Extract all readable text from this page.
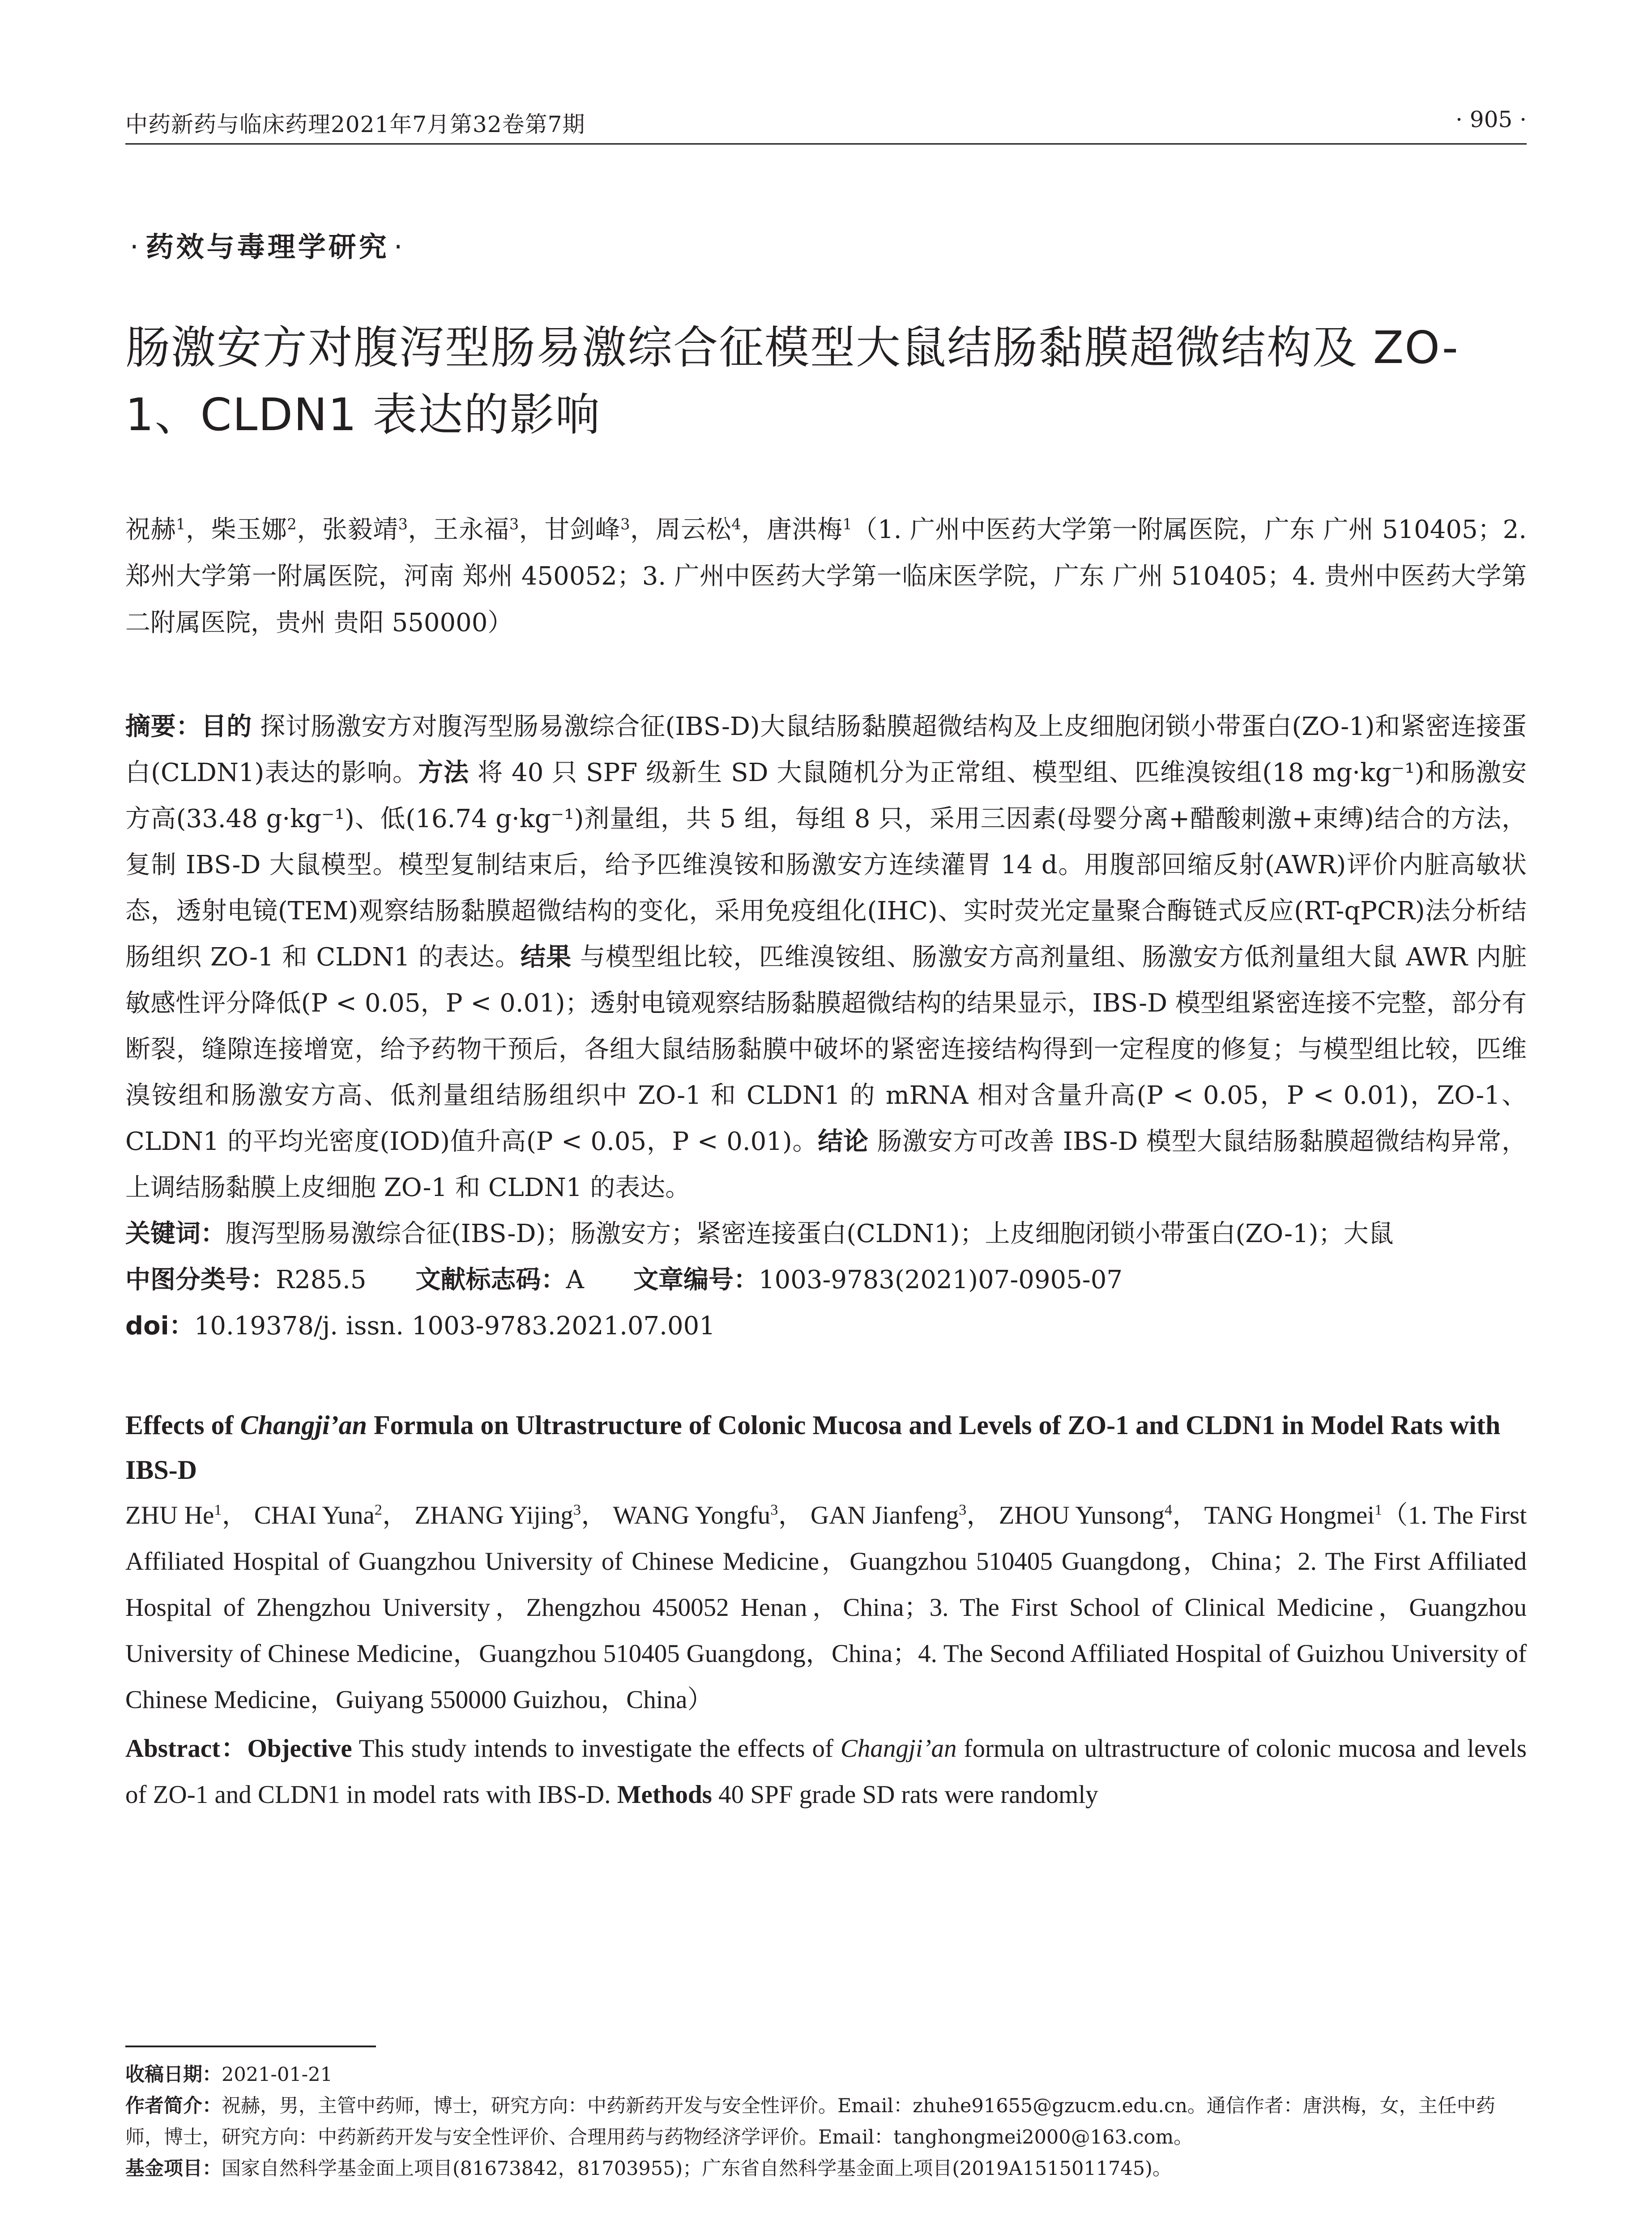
中药新药与临床药理2021年7月第32卷第7期	· 905 ·

· 药效与毒理学研究 ·

肠激安方对腹泻型肠易激综合征模型大鼠结肠黏膜超微结构及 ZO-1、CLDN1 表达的影响

祝赫$^1$，柴玉娜$^2$，张毅靖$^3$，王永福$^3$，甘剑峰$^3$，周云松$^4$，唐洪梅$^1$（1. 广州中医药大学第一附属医院，广东 广州 510405；2. 郑州大学第一附属医院，河南 郑州 450052；3. 广州中医药大学第一临床医学院，广东 广州 510405；4. 贵州中医药大学第二附属医院，贵州 贵阳 550000）

摘要：目的 探讨肠激安方对腹泻型肠易激综合征(IBS-D)大鼠结肠黏膜超微结构及上皮细胞闭锁小带蛋白(ZO-1)和紧密连接蛋白(CLDN1)表达的影响。方法 将 40 只 SPF 级新生 SD 大鼠随机分为正常组、模型组、匹维溴铵组(18 mg·kg⁻¹)和肠激安方高(33.48 g·kg⁻¹)、低(16.74 g·kg⁻¹)剂量组，共 5 组，每组 8 只，采用三因素(母婴分离+醋酸刺激+束缚)结合的方法，复制 IBS-D 大鼠模型。模型复制结束后，给予匹维溴铵和肠激安方连续灌胃 14 d。用腹部回缩反射(AWR)评价内脏高敏状态，透射电镜(TEM)观察结肠黏膜超微结构的变化，采用免疫组化(IHC)、实时荧光定量聚合酶链式反应(RT-qPCR)法分析结肠组织 ZO-1 和 CLDN1 的表达。结果 与模型组比较，匹维溴铵组、肠激安方高剂量组、肠激安方低剂量组大鼠 AWR 内脏敏感性评分降低(P < 0.05，P < 0.01)；透射电镜观察结肠黏膜超微结构的结果显示，IBS-D 模型组紧密连接不完整，部分有断裂，缝隙连接增宽，给予药物干预后，各组大鼠结肠黏膜中破坏的紧密连接结构得到一定程度的修复；与模型组比较，匹维溴铵组和肠激安方高、低剂量组结肠组织中 ZO-1 和 CLDN1 的 mRNA 相对含量升高(P < 0.05，P < 0.01)，ZO-1、CLDN1 的平均光密度(IOD)值升高(P < 0.05，P < 0.01)。结论 肠激安方可改善 IBS-D 模型大鼠结肠黏膜超微结构异常，上调结肠黏膜上皮细胞 ZO-1 和 CLDN1 的表达。

关键词：腹泻型肠易激综合征(IBS-D)；肠激安方；紧密连接蛋白(CLDN1)；上皮细胞闭锁小带蛋白(ZO-1)；大鼠

中图分类号：R285.5 文献标志码：A 文章编号：1003-9783(2021)07-0905-07

doi：10.19378/j. issn. 1003-9783.2021.07.001

Effects of Changji’an Formula on Ultrastructure of Colonic Mucosa and Levels of ZO-1 and CLDN1 in Model Rats with IBS-D

ZHU He$^1$， CHAI Yuna$^2$， ZHANG Yijing$^3$， WANG Yongfu$^3$， GAN Jianfeng$^3$， ZHOU Yunsong$^4$， TANG Hongmei$^1$（1. The First Affiliated Hospital of Guangzhou University of Chinese Medicine，Guangzhou 510405 Guangdong，China；2. The First Affiliated Hospital of Zhengzhou University，Zhengzhou 450052 Henan，China；3. The First School of Clinical Medicine，Guangzhou University of Chinese Medicine，Guangzhou 510405 Guangdong，China；4. The Second Affiliated Hospital of Guizhou University of Chinese Medicine，Guiyang 550000 Guizhou，China）

Abstract：Objective This study intends to investigate the effects of Changji’an formula on ultrastructure of colonic mucosa and levels of ZO-1 and CLDN1 in model rats with IBS-D. Methods 40 SPF grade SD rats were randomly

收稿日期：2021-01-21

作者简介：祝赫，男，主管中药师，博士，研究方向：中药新药开发与安全性评价。Email：zhuhe91655@gzucm.edu.cn。通信作者：唐洪梅，女，主任中药师，博士，研究方向：中药新药开发与安全性评价、合理用药与药物经济学评价。Email：tanghongmei2000@163.com。

基金项目：国家自然科学基金面上项目(81673842，81703955)；广东省自然科学基金面上项目(2019A1515011745)。
